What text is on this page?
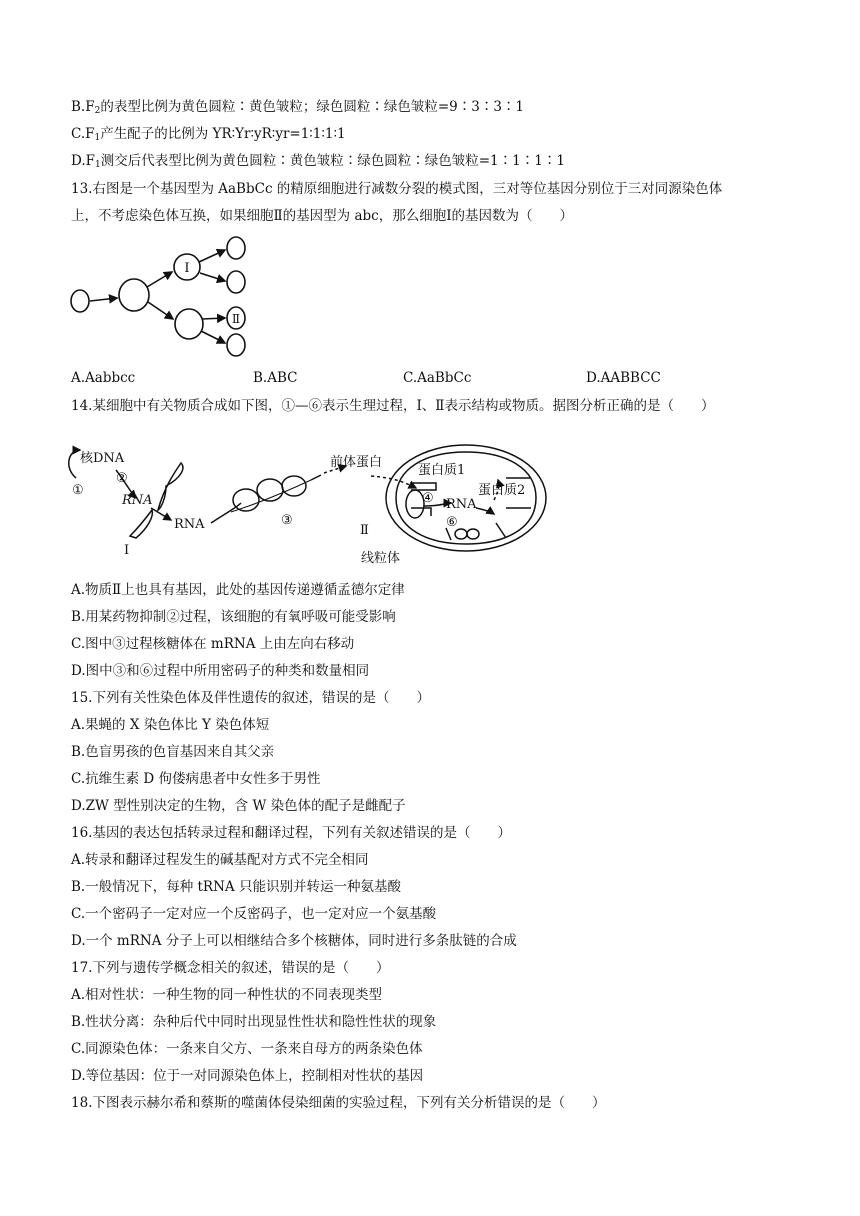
$B.F_2$的表型比例为黄色圆粒∶黄色皱粒；绿色圆粒∶绿色皱粒=9∶3∶3∶1
$C.F_1$产生配子的比例为 YR∶Yr∶yR∶yr=1∶1∶1∶1
$D.F_1$测交后代表型比例为黄色圆粒∶黄色皱粒∶绿色圆粒∶绿色皱粒=1∶1∶1∶1
13.右图是一个基因型为 AaBbCc 的精原细胞进行减数分裂的模式图，三对等位基因分别位于三对同源染色体
上，不考虑染色体互换，如果细胞Ⅱ的基因型为 abc，那么细胞Ⅰ的基因数为（　　）
Ⅰ
Ⅱ
A.Aabbcc	B.ABC	C.AaBbCc	D.AABBCC
14.某细胞中有关物质合成如下图，①—⑥表示生理过程，Ⅰ、Ⅱ表示结构或物质。据图分析正确的是（　　）
核DNA
①
②
RNA
Ⅰ
RNA	③
前体蛋白
蛋白质1
④ RNA
⑥
蛋白质2
Ⅱ
线粒体
A.物质Ⅱ上也具有基因，此处的基因传递遵循孟德尔定律
B.用某药物抑制②过程，该细胞的有氧呼吸可能受影响
C.图中③过程核糖体在 mRNA 上由左向右移动
D.图中③和⑥过程中所用密码子的种类和数量相同
15.下列有关性染色体及伴性遗传的叙述，错误的是（　　）
A.果蝇的 X 染色体比 Y 染色体短
B.色盲男孩的色盲基因来自其父亲
C.抗维生素 D 佝偻病患者中女性多于男性
D.ZW 型性别决定的生物，含 W 染色体的配子是雌配子
16.基因的表达包括转录过程和翻译过程，下列有关叙述错误的是（　　）
A.转录和翻译过程发生的碱基配对方式不完全相同
B.一般情况下，每种 tRNA 只能识别并转运一种氨基酸
C.一个密码子一定对应一个反密码子，也一定对应一个氨基酸
D.一个 mRNA 分子上可以相继结合多个核糖体，同时进行多条肽链的合成
17.下列与遗传学概念相关的叙述，错误的是（　　）
A.相对性状：一种生物的同一种性状的不同表现类型
B.性状分离：杂种后代中同时出现显性性状和隐性性状的现象
C.同源染色体：一条来自父方、一条来自母方的两条染色体
D.等位基因：位于一对同源染色体上，控制相对性状的基因
18.下图表示赫尔希和蔡斯的噬菌体侵染细菌的实验过程，下列有关分析错误的是（　　）
